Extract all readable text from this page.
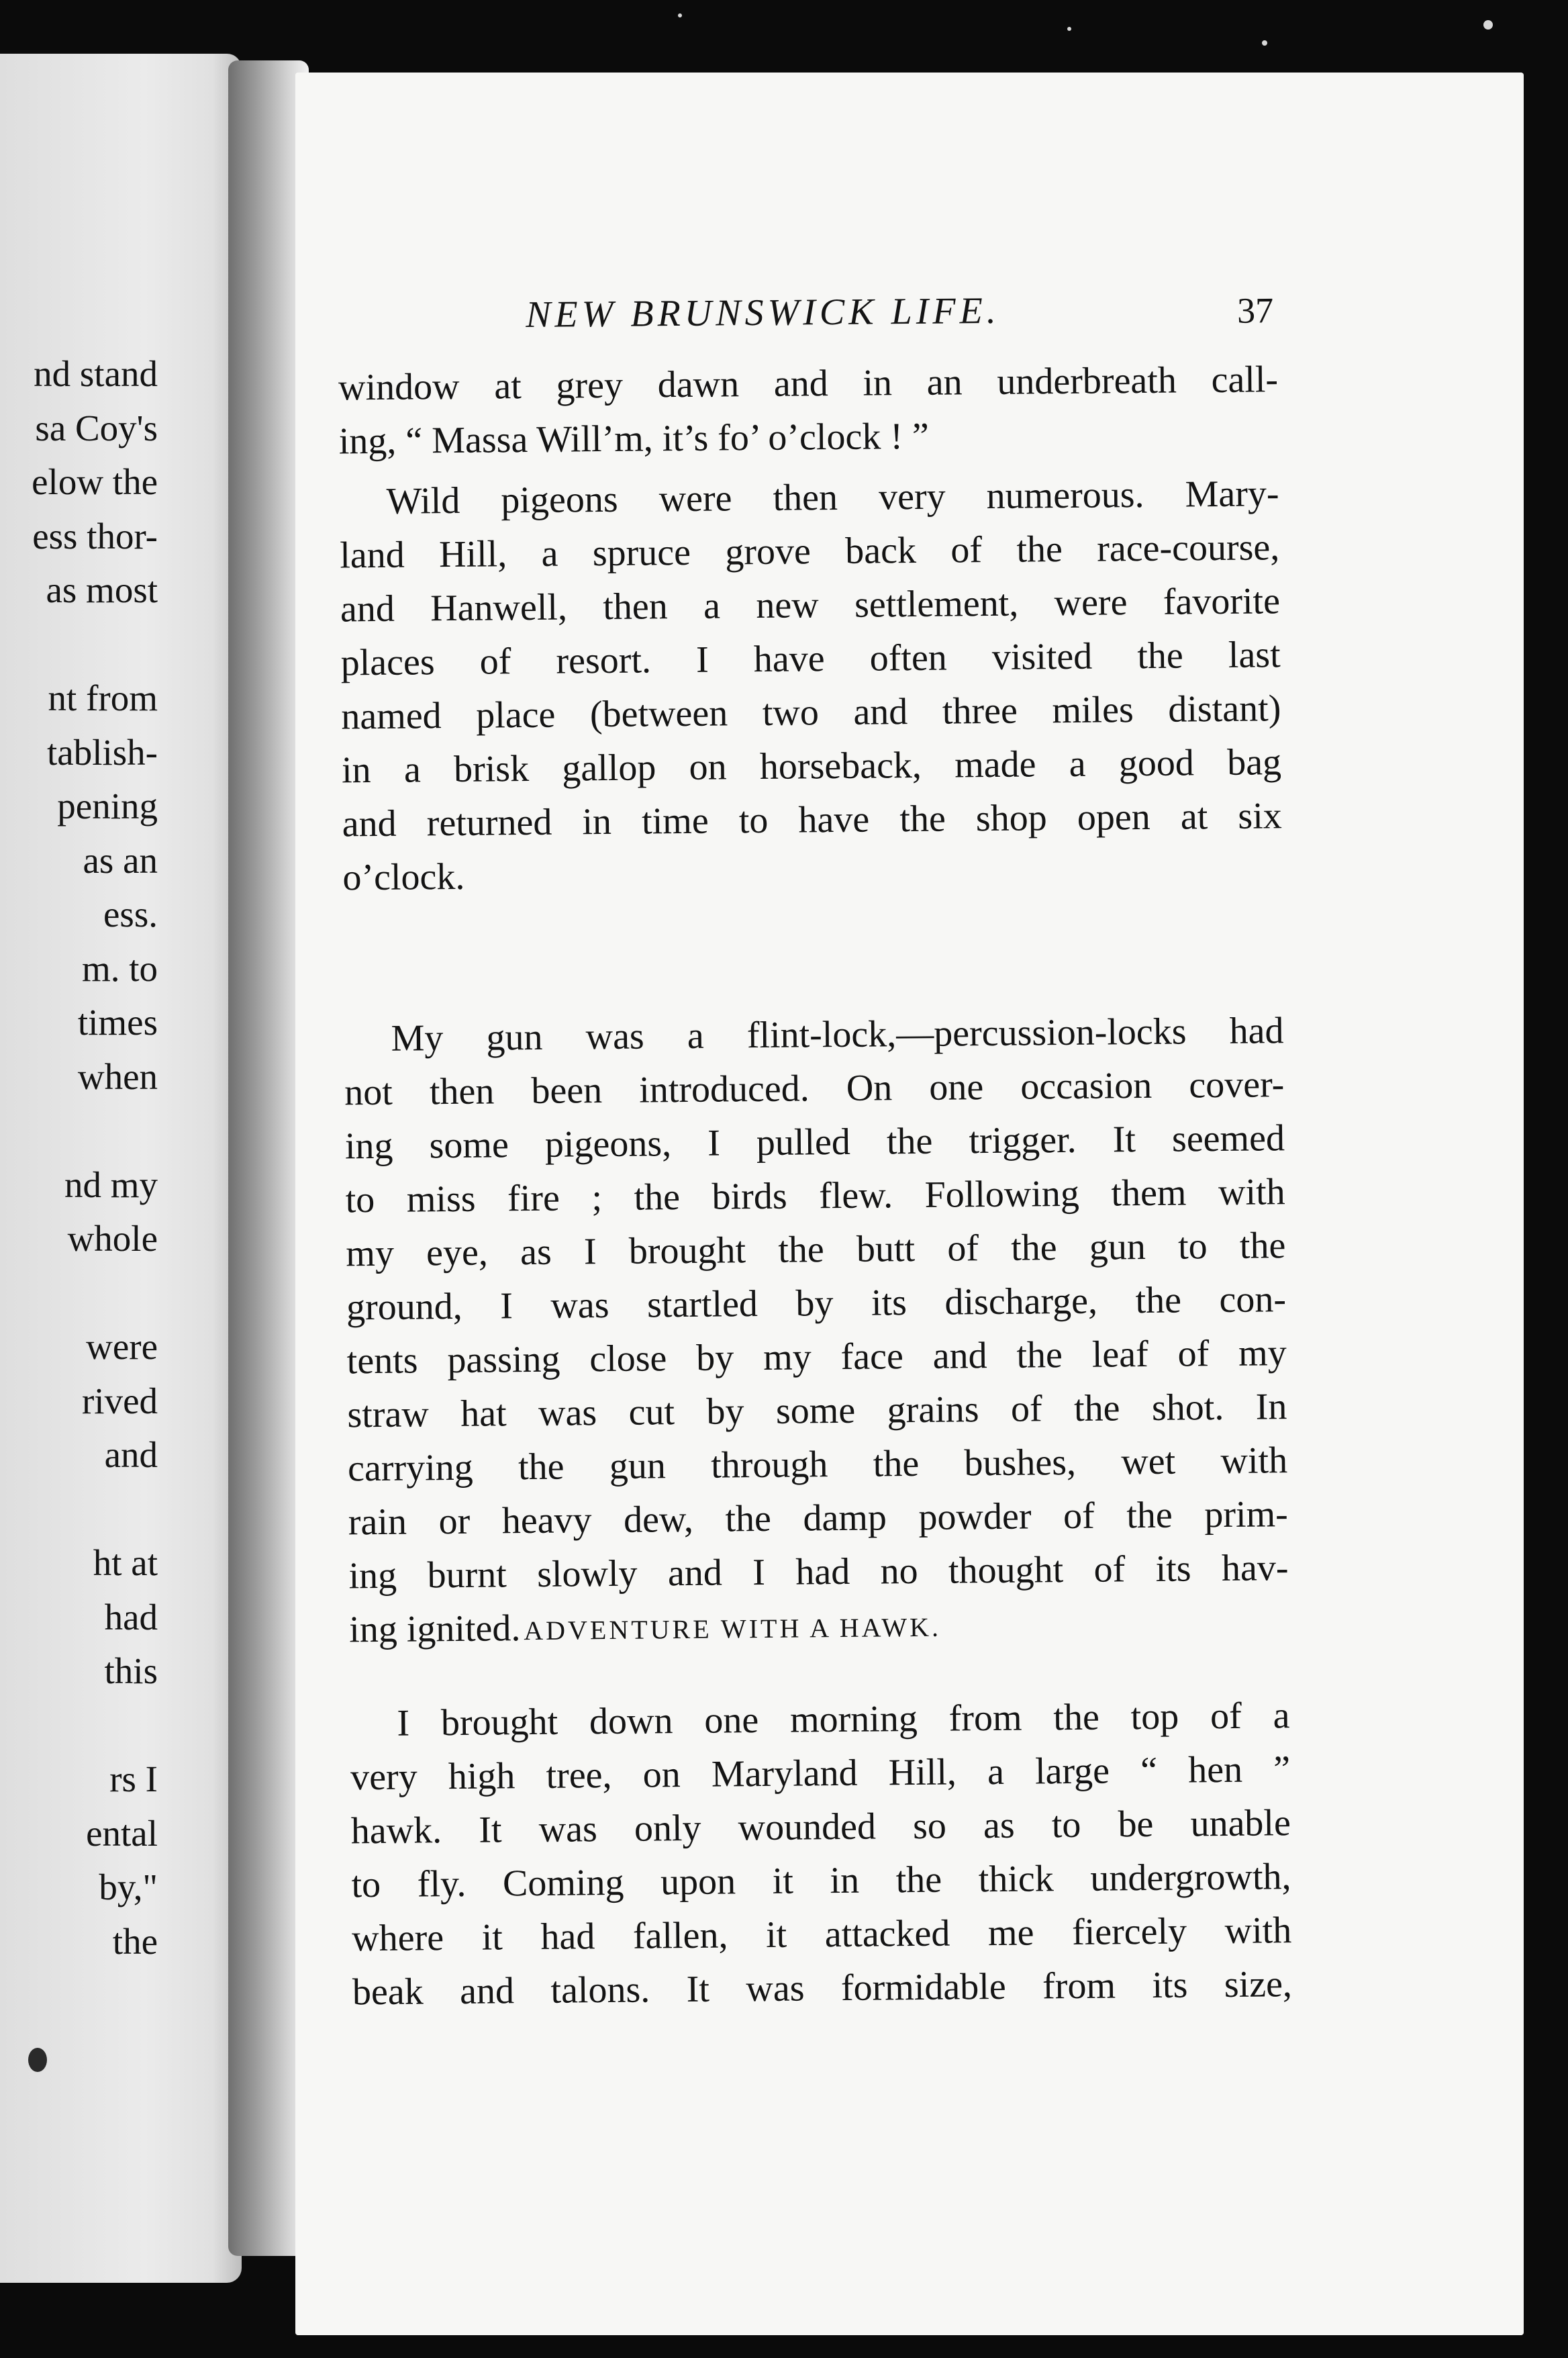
nd stand
sa Coy's
elow the
ess thor-
as most
nt from
tablish-
pening
as an
ess.
m. to
times
when
nd my
whole
were
rived
and
ht at
had
this
rs I
ental
by,"
the
NEW BRUNSWICK LIFE.	37
window at grey dawn and in an underbreath call-
ing, “ Massa Will’m, it’s fo’ o’clock ! ”
Wild pigeons were then very numerous. Mary-
land Hill, a spruce grove back of the race-course,
and Hanwell, then a new settlement, were favorite
places of resort. I have often visited the last
named place (between two and three miles distant)
in a brisk gallop on horseback, made a good bag
and returned in time to have the shop open at six
o’clock.
My gun was a flint-lock,—percussion-locks had
not then been introduced. On one occasion cover-
ing some pigeons, I pulled the trigger. It seemed
to miss fire ; the birds flew. Following them with
my eye, as I brought the butt of the gun to the
ground, I was startled by its discharge, the con-
tents passing close by my face and the leaf of my
straw hat was cut by some grains of the shot. In
carrying the gun through the bushes, wet with
rain or heavy dew, the damp powder of the prim-
ing burnt slowly and I had no thought of its hav-
ing ignited.
I brought down one morning from the top of a
very high tree, on Maryland Hill, a large “ hen ”
hawk. It was only wounded so as to be unable
to fly. Coming upon it in the thick undergrowth,
where it had fallen, it attacked me fiercely with
beak and talons. It was formidable from its size,
ADVENTURE WITH A HAWK.
